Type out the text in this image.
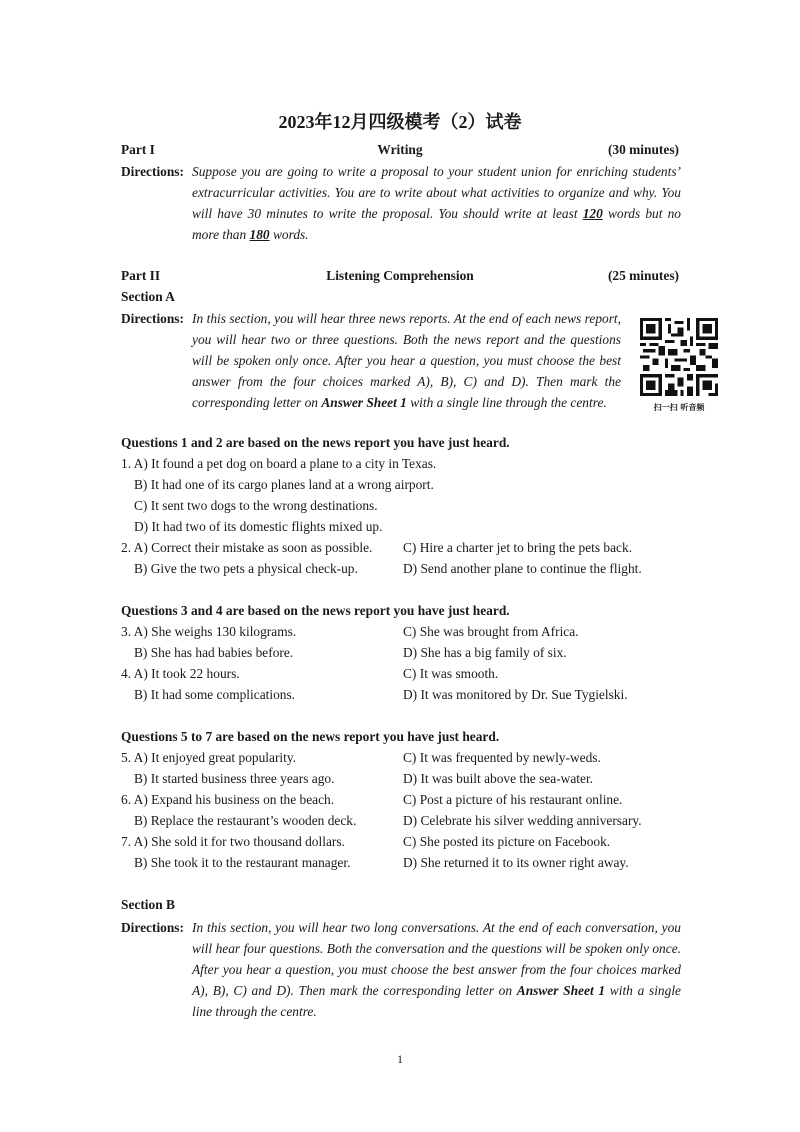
2023年12月四级模考（2）试卷
Part I	Writing	(30 minutes)
Directions: Suppose you are going to write a proposal to your student union for enriching students’ extracurricular activities. You are to write about what activities to organize and why. You will have 30 minutes to write the proposal. You should write at least 120 words but no more than 180 words.
Part II	Listening Comprehension	(25 minutes)
Section A
Directions: In this section, you will hear three news reports. At the end of each news report, you will hear two or three questions. Both the news report and the questions will be spoken only once. After you hear a question, you must choose the best answer from the four choices marked A), B), C) and D). Then mark the corresponding letter on Answer Sheet 1 with a single line through the centre.	扫一扫 听音频
Questions 1 and 2 are based on the news report you have just heard.
1. A) It found a pet dog on board a plane to a city in Texas.
B) It had one of its cargo planes land at a wrong airport.
C) It sent two dogs to the wrong destinations.
D) It had two of its domestic flights mixed up.
2. A) Correct their mistake as soon as possible. C) Hire a charter jet to bring the pets back.
B) Give the two pets a physical check-up.	D) Send another plane to continue the flight.
Questions 3 and 4 are based on the news report you have just heard.
3. A) She weighs 130 kilograms.	C) She was brought from Africa.
B) She has had babies before.	D) She has a big family of six.
4. A) It took 22 hours.	C) It was smooth.
B) It had some complications.	D) It was monitored by Dr. Sue Tygielski.
Questions 5 to 7 are based on the news report you have just heard.
5. A) It enjoyed great popularity.	C) It was frequented by newly-weds.
B) It started business three years ago.	D) It was built above the sea-water.
6. A) Expand his business on the beach.	C) Post a picture of his restaurant online.
B) Replace the restaurant’s wooden deck.	D) Celebrate his silver wedding anniversary.
7. A) She sold it for two thousand dollars.	C) She posted its picture on Facebook.
B) She took it to the restaurant manager.	D) She returned it to its owner right away.
Section B
Directions: In this section, you will hear two long conversations. At the end of each conversation, you will hear four questions. Both the conversation and the questions will be spoken only once. After you hear a question, you must choose the best answer from the four choices marked A), B), C) and D). Then mark the corresponding letter on Answer Sheet 1 with a single line through the centre.
1
